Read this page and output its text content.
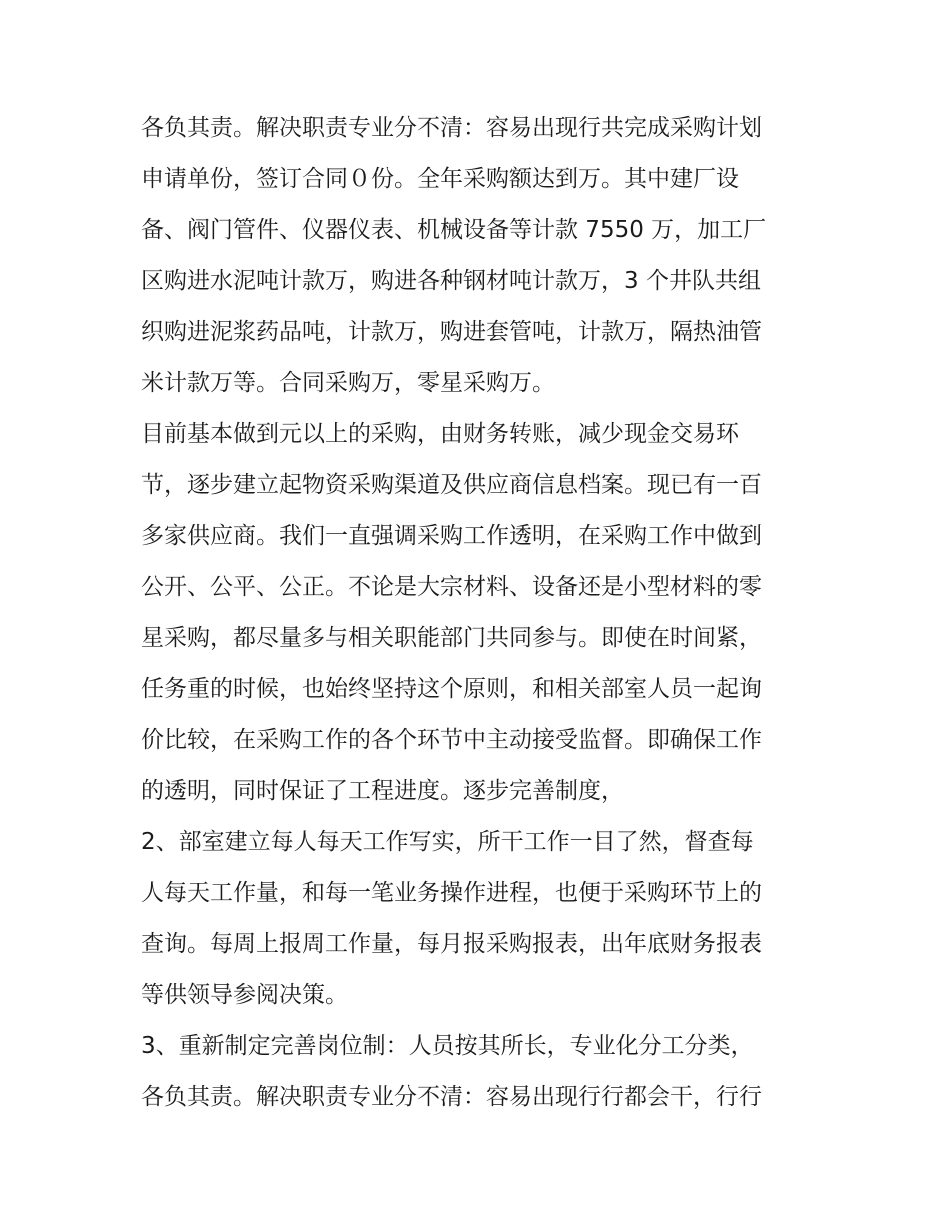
各负其责。解决职责专业分不清：容易出现行共完成采购计划
申请单份，签订合同０份。全年采购额达到万。其中建厂设
备、阀门管件、仪器仪表、机械设备等计款 7550 万，加工厂
区购进水泥吨计款万，购进各种钢材吨计款万，3 个井队共组
织购进泥浆药品吨，计款万，购进套管吨，计款万，隔热油管
米计款万等。合同采购万，零星采购万。

目前基本做到元以上的采购，由财务转账，减少现金交易环
节，逐步建立起物资采购渠道及供应商信息档案。现已有一百
多家供应商。我们一直强调采购工作透明，在采购工作中做到
公开、公平、公正。不论是大宗材料、设备还是小型材料的零
星采购，都尽量多与相关职能部门共同参与。即使在时间紧，
任务重的时候，也始终坚持这个原则，和相关部室人员一起询
价比较，在采购工作的各个环节中主动接受监督。即确保工作
的透明，同时保证了工程进度。逐步完善制度，

2、部室建立每人每天工作写实，所干工作一目了然，督查每
人每天工作量，和每一笔业务操作进程，也便于采购环节上的
查询。每周上报周工作量，每月报采购报表，出年底财务报表
等供领导参阅决策。

3、重新制定完善岗位制：人员按其所长，专业化分工分类，
各负其责。解决职责专业分不清：容易出现行行都会干，行行
